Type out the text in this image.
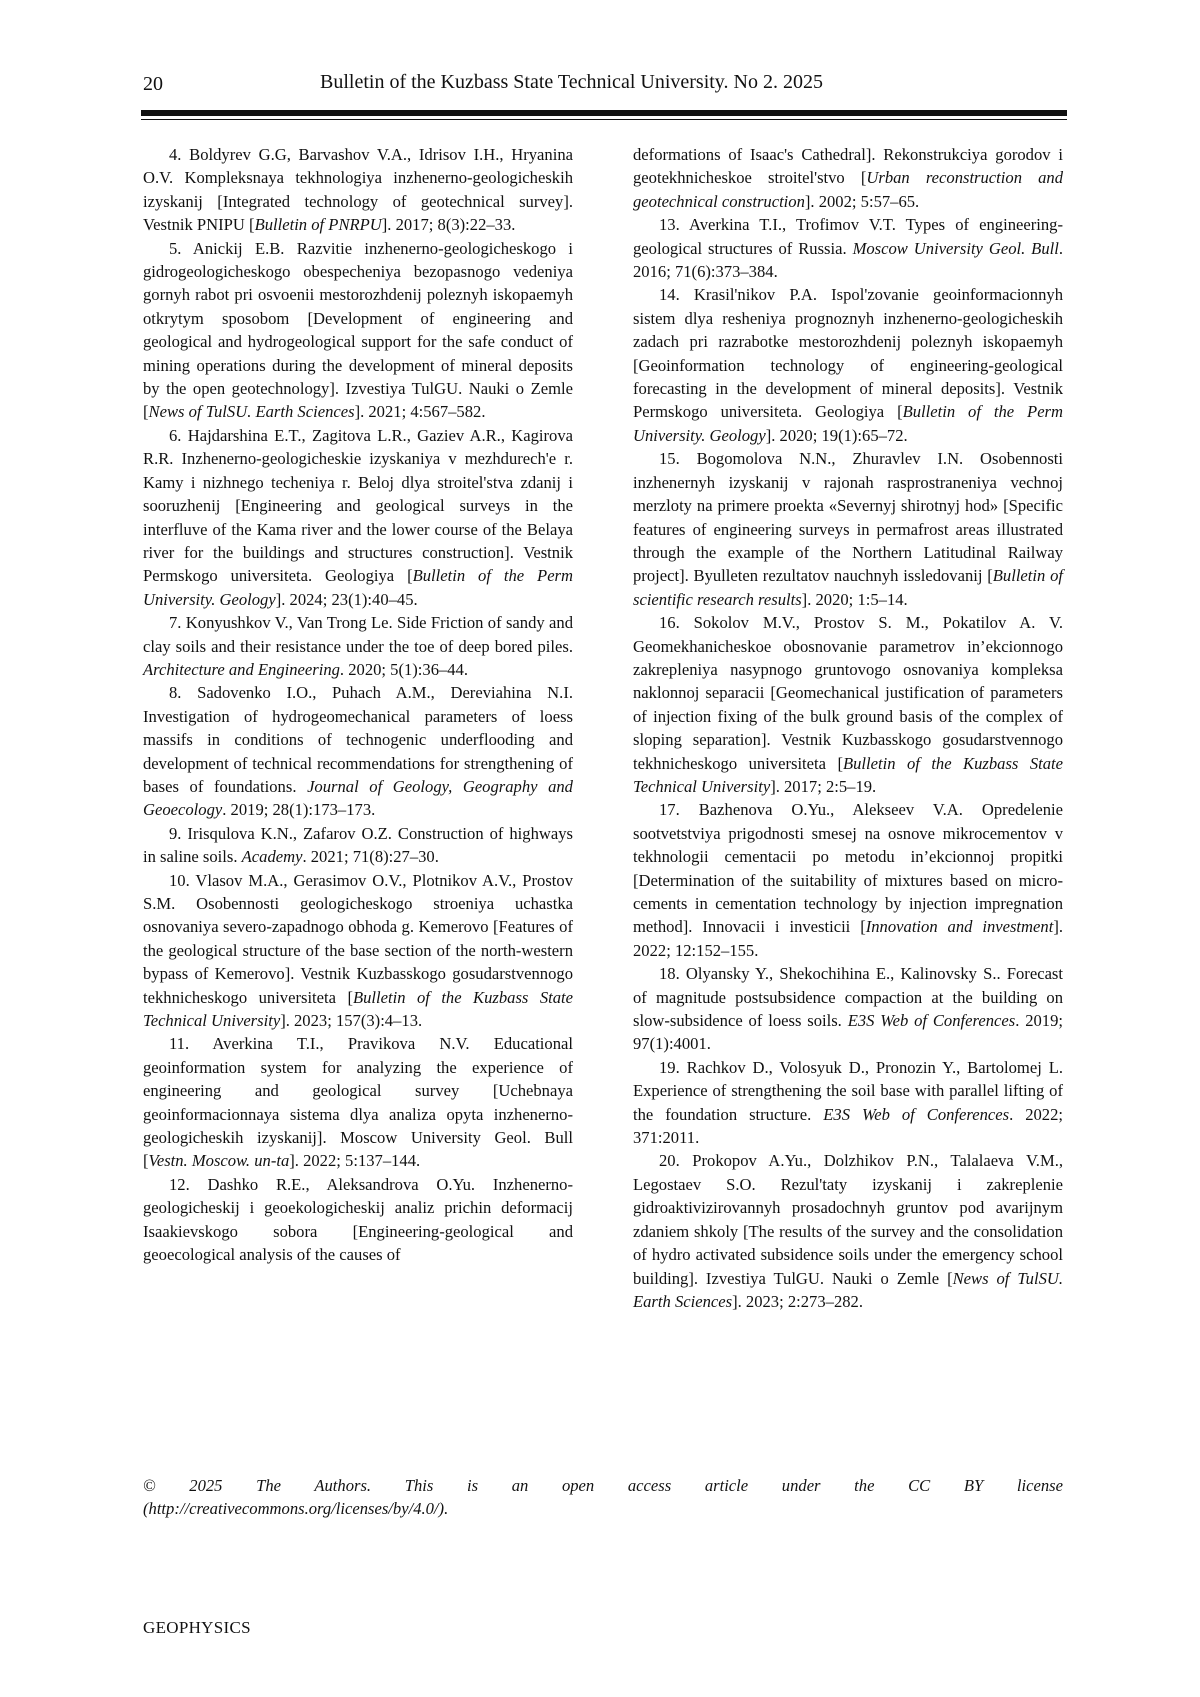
20	Bulletin of the Kuzbass State Technical University. No 2. 2025

4. Boldyrev G.G, Barvashov V.A., Idrisov I.H., Hryanina O.V. Kompleksnaya tekhnologiya inzhenerno-geologicheskih izyskanij [Integrated technology of geotechnical survey]. Vestnik PNIPU [Bulletin of PNRPU]. 2017; 8(3):22–33.

5. Anickij E.B. Razvitie inzhenerno-geologicheskogo i gidrogeologicheskogo obespecheniya bezopasnogo vedeniya gornyh rabot pri osvoenii mestorozhdenij poleznyh iskopaemyh otkrytym sposobom [Development of engineering and geological and hydrogeological support for the safe conduct of mining operations during the development of mineral deposits by the open geotechnology]. Izvestiya TulGU. Nauki o Zemle [News of TulSU. Earth Sciences]. 2021; 4:567–582.

6. Hajdarshina E.T., Zagitova L.R., Gaziev A.R., Kagirova R.R. Inzhenerno-geologicheskie izyskaniya v mezhdurech'e r. Kamy i nizhnego techeniya r. Beloj dlya stroitel'stva zdanij i sooruzhenij [Engineering and geological surveys in the interfluve of the Kama river and the lower course of the Belaya river for the buildings and structures construction]. Vestnik Permskogo universiteta. Geologiya [Bulletin of the Perm University. Geology]. 2024; 23(1):40–45.

7. Konyushkov V., Van Trong Le. Side Friction of sandy and clay soils and their resistance under the toe of deep bored piles. Architecture and Engineering. 2020; 5(1):36–44.

8. Sadovenko I.O., Puhach A.M., Dereviahina N.I. Investigation of hydrogeomechanical parameters of loess massifs in conditions of technogenic underflooding and development of technical recommendations for strengthening of bases of foundations. Journal of Geology, Geography and Geoecology. 2019; 28(1):173–173.

9. Irisqulova K.N., Zafarov O.Z. Construction of highways in saline soils. Academy. 2021; 71(8):27–30.

10. Vlasov M.A., Gerasimov O.V., Plotnikov A.V., Prostov S.M. Osobennosti geologicheskogo stroeniya uchastka osnovaniya severo-zapadnogo obhoda g. Kemerovo [Features of the geological structure of the base section of the north-western bypass of Kemerovo]. Vestnik Kuzbasskogo gosudarstvennogo tekhnicheskogo universiteta [Bulletin of the Kuzbass State Technical University]. 2023; 157(3):4–13.

11. Averkina T.I., Pravikova N.V. Educational geoinformation system for analyzing the experience of engineering and geological survey [Uchebnaya geoinformacionnaya sistema dlya analiza opyta inzhenerno-geologicheskih izyskanij]. Moscow University Geol. Bull [Vestn. Moscow. un-ta]. 2022; 5:137–144.

12. Dashko R.E., Aleksandrova O.Yu. Inzhenerno-geologicheskij i geoekologicheskij analiz prichin deformacij Isaakievskogo sobora [Engineering-geological and geoecological analysis of the causes of

deformations of Isaac's Cathedral]. Rekonstrukciya gorodov i geotekhnicheskoe stroitel'stvo [Urban reconstruction and geotechnical construction]. 2002; 5:57–65.

13. Averkina T.I., Trofimov V.T. Types of engineering-geological structures of Russia. Moscow University Geol. Bull. 2016; 71(6):373–384.

14. Krasil'nikov P.A. Ispol'zovanie geoinformacionnyh sistem dlya resheniya prognoznyh inzhenerno-geologicheskih zadach pri razrabotke mestorozhdenij poleznyh iskopaemyh [Geoinformation technology of engineering-geological forecasting in the development of mineral deposits]. Vestnik Permskogo universiteta. Geologiya [Bulletin of the Perm University. Geology]. 2020; 19(1):65–72.

15. Bogomolova N.N., Zhuravlev I.N. Osobennosti inzhenernyh izyskanij v rajonah rasprostraneniya vechnoj merzloty na primere proekta «Severnyj shirotnyj hod» [Specific features of engineering surveys in permafrost areas illustrated through the example of the Northern Latitudinal Railway project]. Byulleten rezultatov nauchnyh issledovanij [Bulletin of scientific research results]. 2020; 1:5–14.

16. Sokolov M.V., Prostov S. M., Pokatilov A. V. Geomekhanicheskoe obosnovanie parametrov in’ekcionnogo zakrepleniya nasypnogo gruntovogo osnovaniya kompleksa naklonnoj separacii [Geomechanical justification of parameters of injection fixing of the bulk ground basis of the complex of sloping separation]. Vestnik Kuzbasskogo gosudarstvennogo tekhnicheskogo universiteta [Bulletin of the Kuzbass State Technical University]. 2017; 2:5–19.

17. Bazhenova O.Yu., Alekseev V.A. Opredelenie sootvetstviya prigodnosti smesej na osnove mikrocementov v tekhnologii cementacii po metodu in’ekcionnoj propitki [Determination of the suitability of mixtures based on micro-cements in cementation technology by injection impregnation method]. Innovacii i investicii [Innovation and investment]. 2022; 12:152–155.

18. Olyansky Y., Shekochihina E., Kalinovsky S.. Forecast of magnitude postsubsidence compaction at the building on slow-subsidence of loess soils. E3S Web of Conferences. 2019; 97(1):4001.

19. Rachkov D., Volosyuk D., Pronozin Y., Bartolomej L. Experience of strengthening the soil base with parallel lifting of the foundation structure. E3S Web of Conferences. 2022; 371:2011.

20. Prokopov A.Yu., Dolzhikov P.N., Talalaeva V.M., Legostaev S.O. Rezul'taty izyskanij i zakreplenie gidroaktivizirovannyh prosadochnyh gruntov pod avarijnym zdaniem shkoly [The results of the survey and the consolidation of hydro activated subsidence soils under the emergency school building]. Izvestiya TulGU. Nauki o Zemle [News of TulSU. Earth Sciences]. 2023; 2:273–282.

© 2025 The Authors. This is an open access article under the CC BY license
(http://creativecommons.org/licenses/by/4.0/).
GEOPHYSICS
